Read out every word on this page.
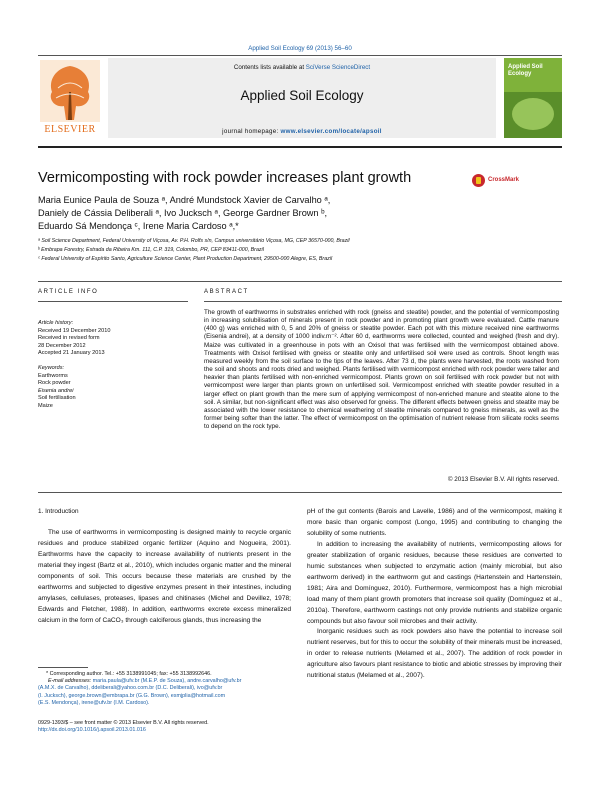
Applied Soil Ecology 69 (2013) 56–60
ELSEVIER
Contents lists available at SciVerse ScienceDirect
Applied Soil Ecology
journal homepage: www.elsevier.com/locate/apsoil
Applied Soil Ecology
Vermicomposting with rock powder increases plant growth	CrossMark
Maria Eunice Paula de Souza ᵃ, André Mundstock Xavier de Carvalho ᵃ,
Daniely de Cássia Deliberali ᵃ, Ivo Jucksch ᵃ, George Gardner Brown ᵇ,
Eduardo Sá Mendonça ᶜ, Irene Maria Cardoso ᵃ,*
ᵃ Soil Science Department, Federal University of Viçosa, Av. P.H. Rolfs s/n, Campus universitário Viçosa, MG, CEP 36570-000, Brazil
ᵇ Embrapa Forestry, Estrada da Ribeira Km. 111, C.P. 319, Colombo, PR, CEP 83411-000, Brazil
ᶜ Federal University of Espírito Santo, Agriculture Science Center, Plant Production Department, 29500-000 Alegre, ES, Brazil
ARTICLE INFO
Article history:
Received 19 December 2010
Received in revised form
28 December 2012
Accepted 21 January 2013
Keywords:
Earthworms
Rock powder
Eisenia andrei
Soil fertilisation
Maize
ABSTRACT
The growth of earthworms in substrates enriched with rock (gneiss and steatite) powder, and the potential of vermicomposting in increasing solubilisation of minerals present in rock powder and in promoting plant growth were evaluated. Cattle manure (400 g) was enriched with 0, 5 and 20% of gneiss or steatite powder. Each pot with this mixture received nine earthworms (Eisenia andrei), at a density of 1000 indiv.m⁻². After 60 d, earthworms were collected, counted and weighed (fresh and dry). Maize was cultivated in a greenhouse in pots with an Oxisol that was fertilised with the vermicompost obtained above. Treatments with Oxisol fertilised with gneiss or steatite only and unfertilised soil were used as controls. Shoot length was measured weekly from the soil surface to the tips of the leaves. After 73 d, the plants were harvested, the roots washed from the soil and shoots and roots dried and weighed. Plants fertilised with vermicompost enriched with rock powder were taller and heavier than plants fertilised with non-enriched vermicompost. Plants grown on soil fertilised with rock powder but not with vermicompost were larger than plants grown on unfertilised soil. Vermicompost enriched with steatite powder resulted in a larger effect on plant growth than the mere sum of applying vermicompost of non-enriched manure and steatite alone to the soil. A similar, but non-significant effect was also observed for gneiss. The different effects between gneiss and steatite may be associated with the lower resistance to chemical weathering of steatite minerals compared to gneiss minerals, as well as the former being softer than the latter. The effect of vermicompost on the optimisation of nutrient release from silicate rocks seems to depend on the rock type.
© 2013 Elsevier B.V. All rights reserved.
1. Introduction

The use of earthworms in vermicomposting is designed mainly to recycle organic residues and produce stabilized organic fertilizer (Aquino and Nogueira, 2001). Earthworms have the capacity to increase availability of nutrients present in the material they ingest (Bartz et al., 2010), which includes organic matter and the mineral components of soil. This occurs because these materials are crushed by the earthworms and subjected to digestive enzymes present in their intestines, including amylases, cellulases, proteases, lipases and chitinases (Michel and Devillez, 1978; Edwards and Fletcher, 1988). In addition, earthworms excrete excess mineralized calcium in the form of CaCO₃ through calciferous glands, thus increasing the

pH of the gut contents (Barois and Lavelle, 1986) and of the vermicompost, making it more basic than organic compost (Longo, 1995) and contributing to changing the solubility of some nutrients.

In addition to increasing the availability of nutrients, vermicomposting allows for greater stabilization of organic residues, because these residues are converted to humic substances when subjected to enzymatic action (mainly microbial, but also earthworm derived) in the earthworm gut and castings (Hartenstein and Hartenstein, 1981; Aira and Domínguez, 2010). Furthermore, vermicompost has a high microbial load many of them plant growth promoters that increase soil quality (Domínguez et al., 2010a). Therefore, earthworm castings not only provide nutrients and stabilize organic compounds but also favour soil microbes and their activity.

Inorganic residues such as rock powders also have the potential to increase soil nutrient reserves, but for this to occur the solubility of their minerals must be increased, in order to release nutrients (Melamed et al., 2007). The addition of rock powder in agriculture also favours plant resistance to biotic and abiotic stresses by improving their nutritional status (Melamed et al., 2007).

* Corresponding author. Tel.: +55 3138991045; fax: +55 3138992646.
E-mail addresses: maria.paula@ufv.br (M.E.P. de Souza), andre.carvalho@ufv.br
(A.M.X. de Carvalho), ddeliberali@yahoo.com.br (D.C. Deliberali), ivo@ufv.br
(I. Jucksch), george.brown@embrapa.br (G.G. Brown), esmjplia@hotmail.com
(E.S. Mendonça), irene@ufv.br (I.M. Cardoso).
0929-1393/$ – see front matter © 2013 Elsevier B.V. All rights reserved.
http://dx.doi.org/10.1016/j.apsoil.2013.01.016
